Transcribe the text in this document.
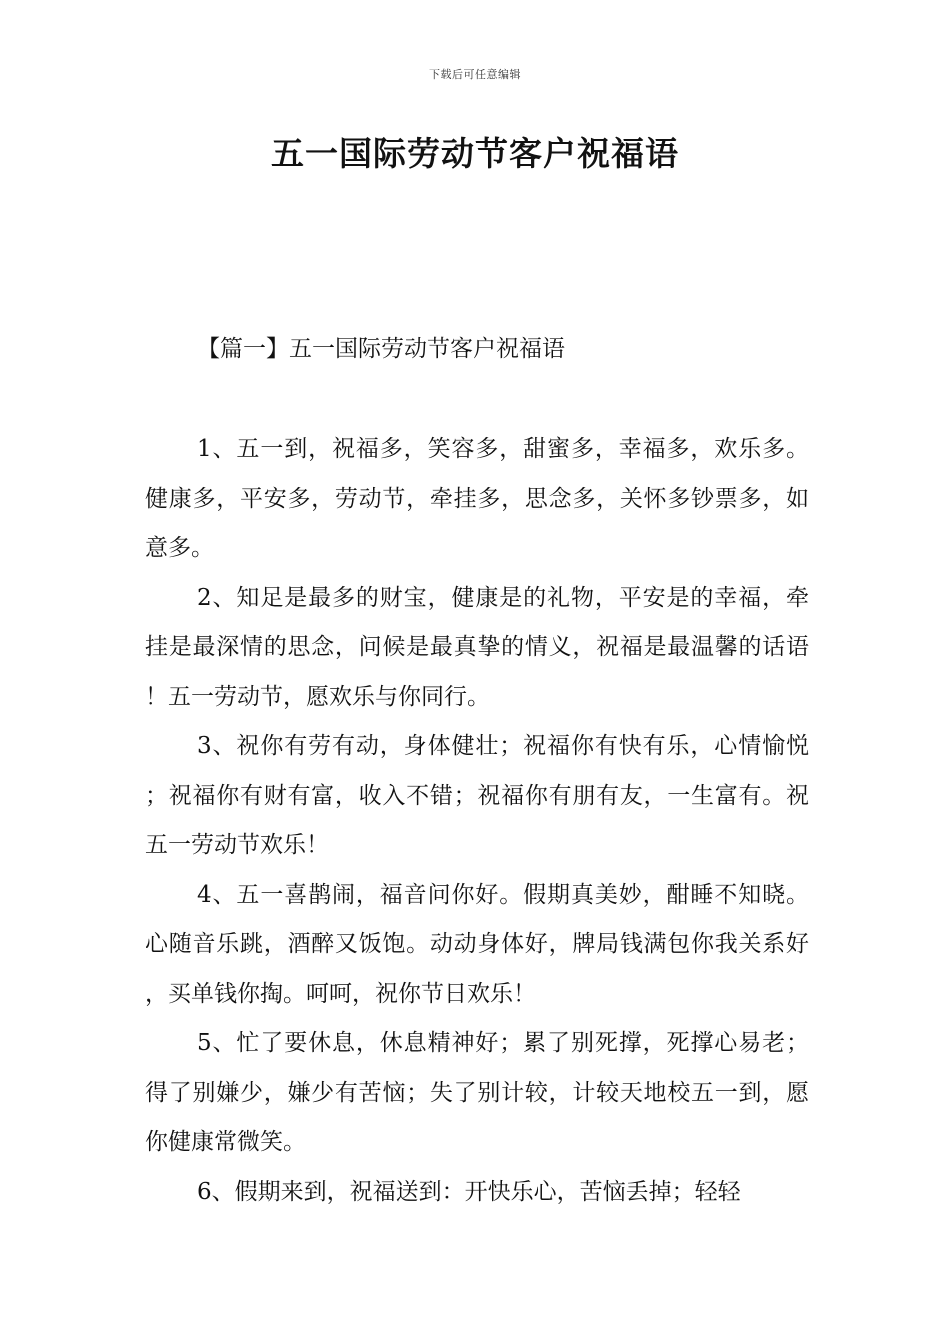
下载后可任意编辑
五一国际劳动节客户祝福语
【篇一】五一国际劳动节客户祝福语

1、五一到，祝福多，笑容多，甜蜜多，幸福多，欢乐多。健康多，平安多，劳动节，牵挂多，思念多，关怀多钞票多，如意多。

2、知足是最多的财宝，健康是的礼物，平安是的幸福，牵挂是最深情的思念，问候是最真挚的情义，祝福是最温馨的话语！五一劳动节，愿欢乐与你同行。

3、祝你有劳有动，身体健壮；祝福你有快有乐，心情愉悦；祝福你有财有富，收入不错；祝福你有朋有友，一生富有。祝五一劳动节欢乐！

4、五一喜鹊闹，福音问你好。假期真美妙，酣睡不知晓。心随音乐跳，酒醉又饭饱。动动身体好，牌局钱满包你我关系好，买单钱你掏。呵呵，祝你节日欢乐！

5、忙了要休息，休息精神好；累了别死撑，死撑心易老；得了别嫌少，嫌少有苦恼；失了别计较，计较天地校五一到，愿你健康常微笑。

6、假期来到，祝福送到：开快乐心，苦恼丢掉；轻轻
